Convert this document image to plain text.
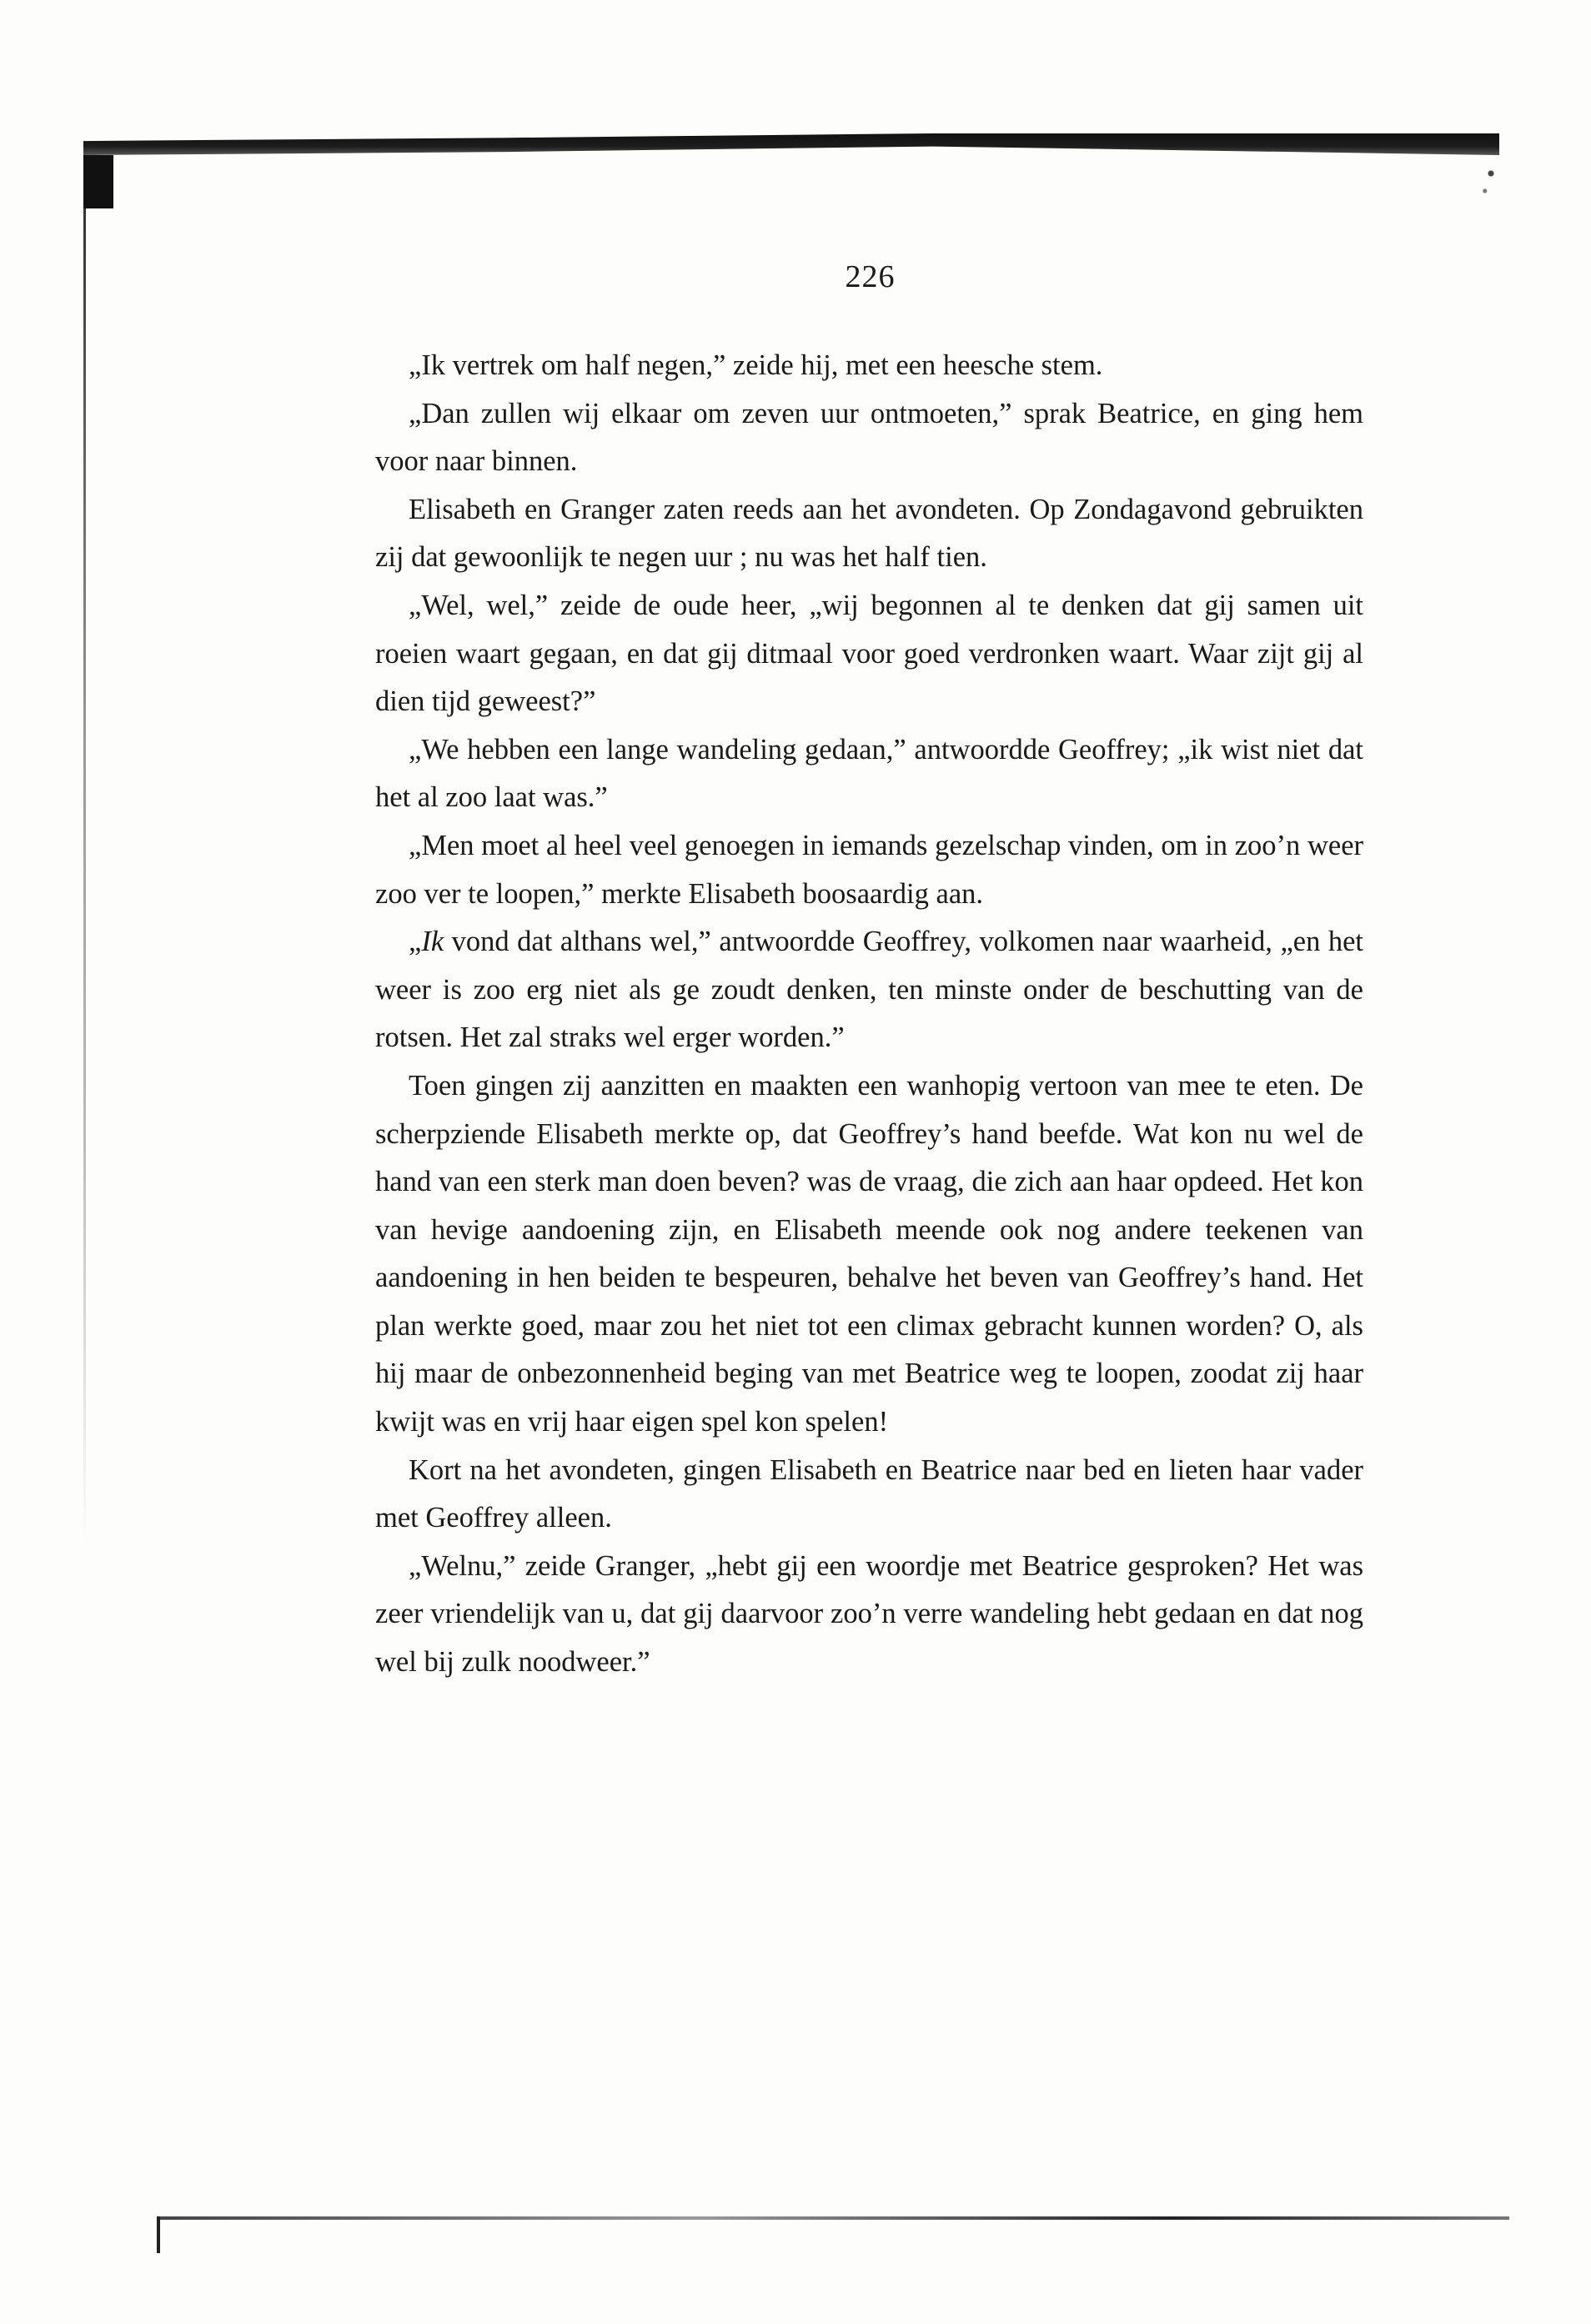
226

„Ik vertrek om half negen,” zeide hij, met een heesche stem.

„Dan zullen wij elkaar om zeven uur ontmoeten,” sprak Beatrice, en ging hem voor naar binnen.

Elisabeth en Granger zaten reeds aan het avondeten. Op Zondagavond gebruikten zij dat gewoonlijk te negen uur ; nu was het half tien.

„Wel, wel,” zeide de oude heer, „wij begonnen al te denken dat gij samen uit roeien waart gegaan, en dat gij ditmaal voor goed verdronken waart. Waar zijt gij al dien tijd geweest?”

„We hebben een lange wandeling gedaan,” antwoordde Geoffrey; „ik wist niet dat het al zoo laat was.”

„Men moet al heel veel genoegen in iemands gezelschap vinden, om in zoo’n weer zoo ver te loopen,” merkte Elisabeth boosaardig aan.

„Ik vond dat althans wel,” antwoordde Geoffrey, volkomen naar waarheid, „en het weer is zoo erg niet als ge zoudt denken, ten minste onder de beschutting van de rotsen. Het zal straks wel erger worden.”

Toen gingen zij aanzitten en maakten een wanhopig vertoon van mee te eten. De scherpziende Elisabeth merkte op, dat Geoffrey’s hand beefde. Wat kon nu wel de hand van een sterk man doen beven? was de vraag, die zich aan haar opdeed. Het kon van hevige aandoening zijn, en Elisabeth meende ook nog andere teekenen van aandoening in hen beiden te bespeuren, behalve het beven van Geoffrey’s hand. Het plan werkte goed, maar zou het niet tot een climax gebracht kunnen worden? O, als hij maar de onbezonnenheid beging van met Beatrice weg te loopen, zoodat zij haar kwijt was en vrij haar eigen spel kon spelen!

Kort na het avondeten, gingen Elisabeth en Beatrice naar bed en lieten haar vader met Geoffrey alleen.

„Welnu,” zeide Granger, „hebt gij een woordje met Beatrice gesproken? Het was zeer vriendelijk van u, dat gij daarvoor zoo’n verre wandeling hebt gedaan en dat nog wel bij zulk noodweer.”
